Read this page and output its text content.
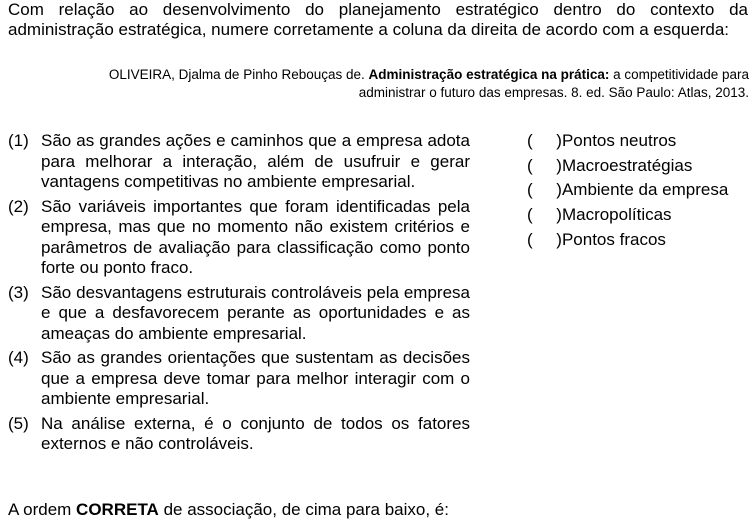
Com relação ao desenvolvimento do planejamento estratégico dentro do contexto da administração estratégica, numere corretamente a coluna da direita de acordo com a esquerda:
OLIVEIRA, Djalma de Pinho Rebouças de. Administração estratégica na prática: a competitividade para administrar o futuro das empresas. 8. ed. São Paulo: Atlas, 2013.
(1) São as grandes ações e caminhos que a empresa adota para melhorar a interação, além de usufruir e gerar vantagens competitivas no ambiente empresarial.
(2) São variáveis importantes que foram identificadas pela empresa, mas que no momento não existem critérios e parâmetros de avaliação para classificação como ponto forte ou ponto fraco.
(3) São desvantagens estruturais controláveis pela empresa e que a desfavorecem perante as oportunidades e as ameaças do ambiente empresarial.
(4) São as grandes orientações que sustentam as decisões que a empresa deve tomar para melhor interagir com o ambiente empresarial.
(5) Na análise externa, é o conjunto de todos os fatores externos e não controláveis.
(     ) Pontos neutros
(     ) Macroestratégias
(     ) Ambiente da empresa
(     ) Macropolíticas
(     ) Pontos fracos
A ordem CORRETA de associação, de cima para baixo, é:
